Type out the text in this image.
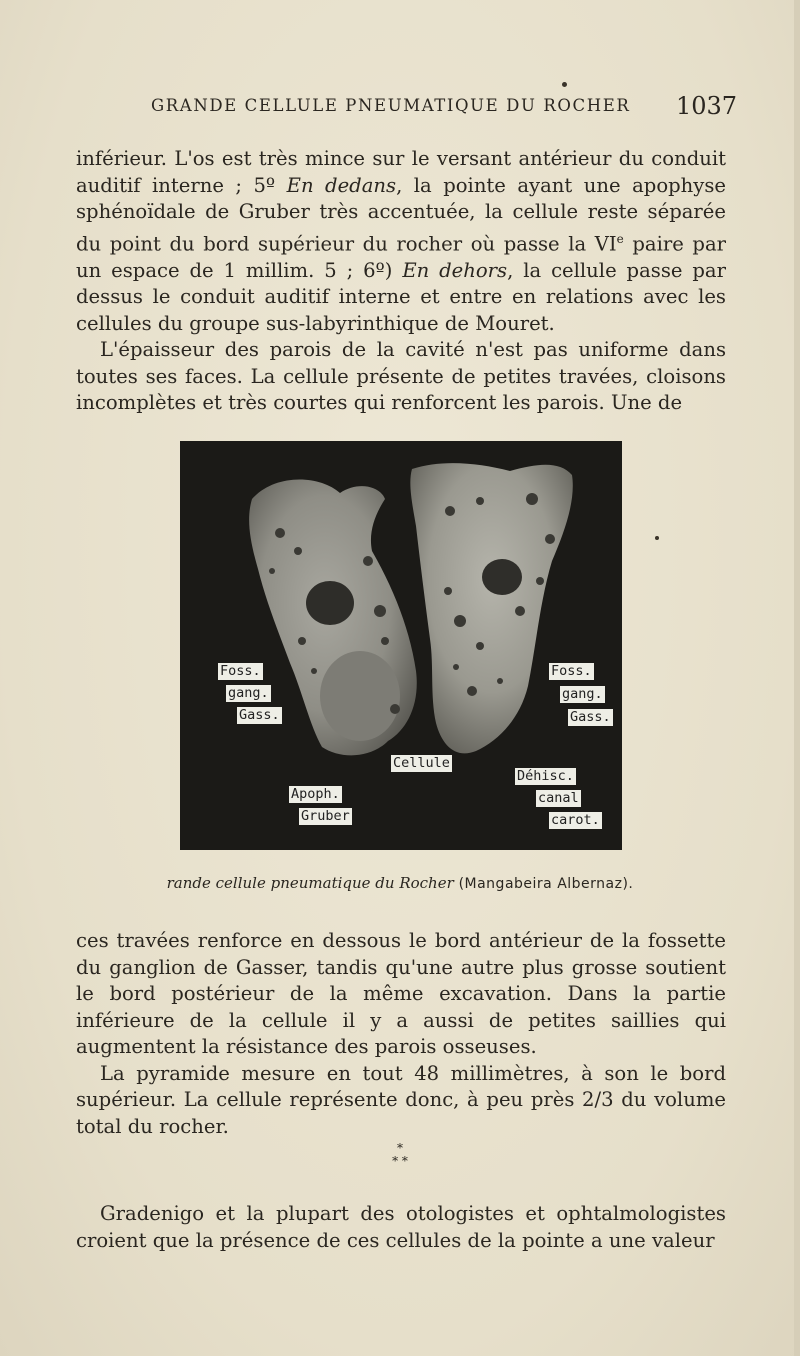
GRANDE CELLULE PNEUMATIQUE DU ROCHER 1037

inférieur. L'os est très mince sur le versant antérieur du conduit auditif interne ; 5º En dedans, la pointe ayant une apophyse sphénoïdale de Gruber très accentuée, la cellule reste séparée du point du bord supérieur du rocher où passe la VIe paire par un espace de 1 millim. 5 ; 6º) En dehors, la cellule passe par dessus le conduit auditif interne et entre en relations avec les cellules du groupe sus-labyrinthique de Mouret.

L'épaisseur des parois de la cavité n'est pas uniforme dans toutes ses faces. La cellule présente de petites travées, cloisons incomplètes et très courtes qui renforcent les parois. Une de

Foss.
gang.
Gass.
Foss.
gang.
Gass.
Cellule
Apoph.
Gruber
Déhisc.
canal
carot.
rande cellule pneumatique du Rocher (Mangabeira Albernaz).

ces travées renforce en dessous le bord antérieur de la fossette du ganglion de Gasser, tandis qu'une autre plus grosse soutient le bord postérieur de la même excavation. Dans la partie inférieure de la cellule il y a aussi de petites saillies qui augmentent la résistance des parois osseuses.

La pyramide mesure en tout 48 millimètres, à son le bord supérieur. La cellule représente donc, à peu près 2/3 du volume total du rocher.

*
* *

Gradenigo et la plupart des otologistes et ophtalmologistes croient que la présence de ces cellules de la pointe a une valeur
